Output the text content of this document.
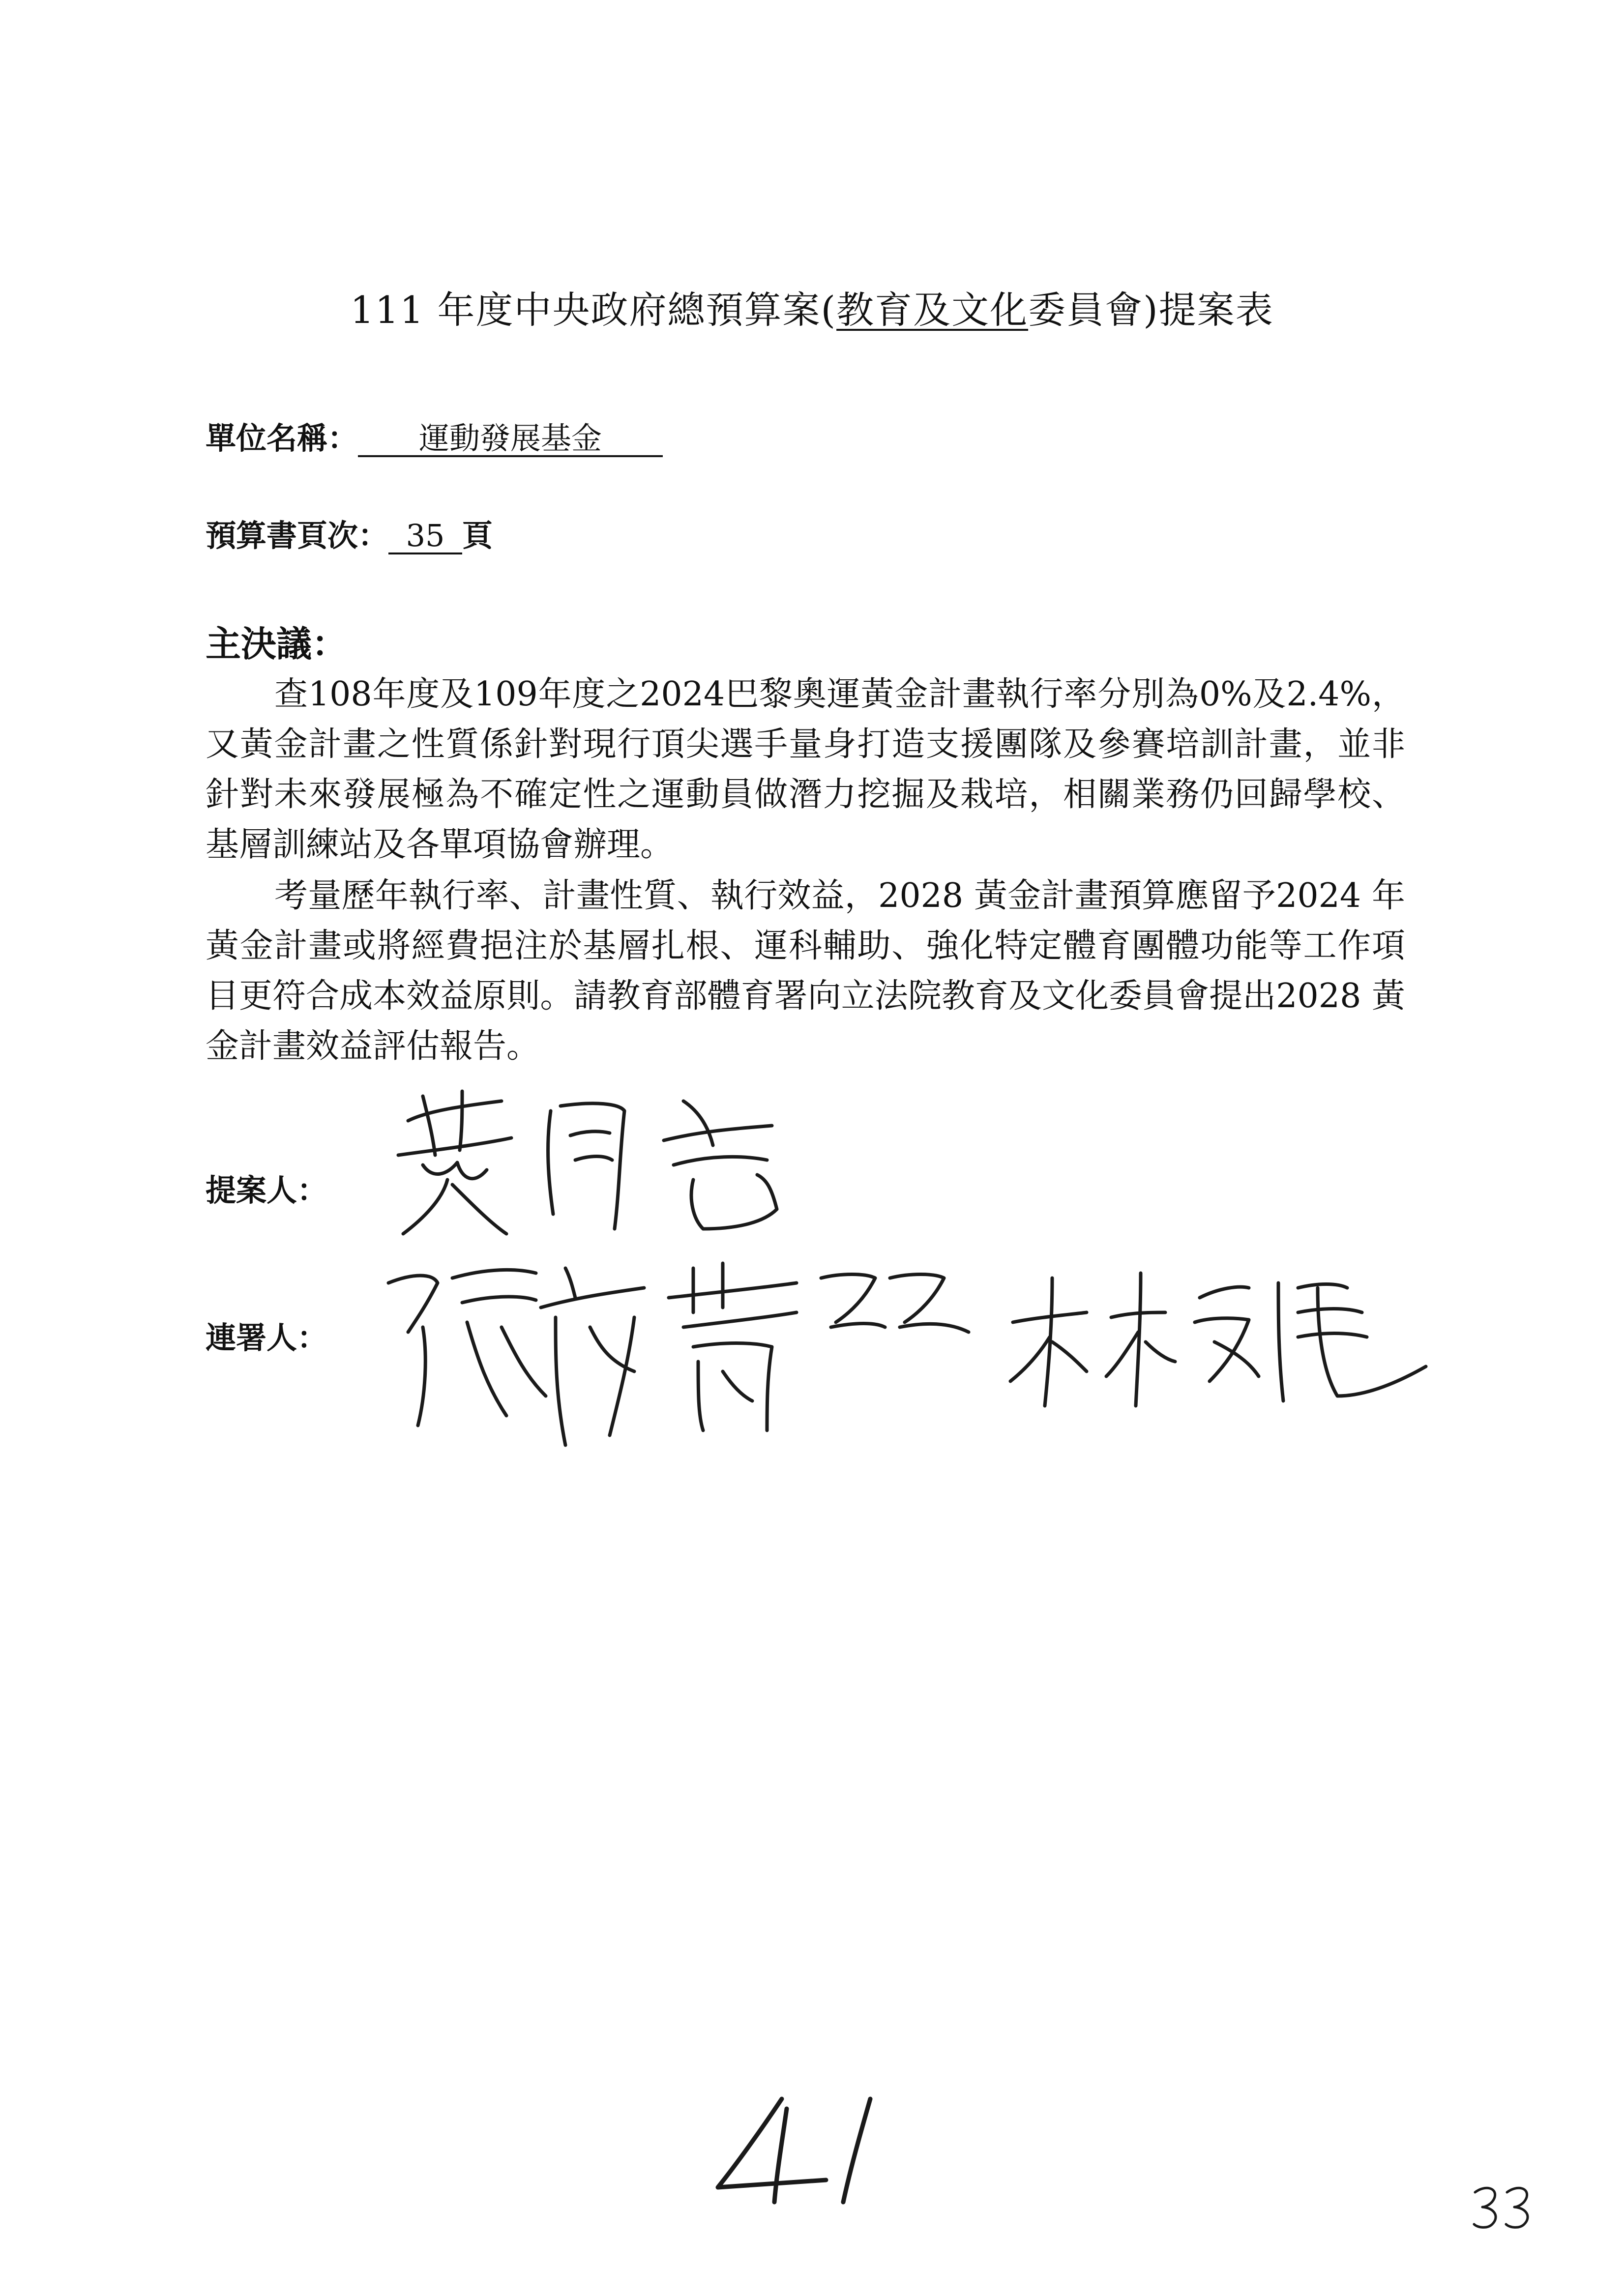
111 年度中央政府總預算案(教育及文化委員會)提案表
單位名稱： 運動發展基金
預算書頁次： 35 頁
主決議：
查108年度及109年度之2024巴黎奧運黃金計畫執行率分別為0%及2.4%，又黃金計畫之性質係針對現行頂尖選手量身打造支援團隊及參賽培訓計畫，並非針對未來發展極為不確定性之運動員做潛力挖掘及栽培，相關業務仍回歸學校、基層訓練站及各單項協會辦理。
考量歷年執行率、計畫性質、執行效益，2028 黃金計畫預算應留予2024 年黃金計畫或將經費挹注於基層扎根、運科輔助、強化特定體育團體功能等工作項目更符合成本效益原則。請教育部體育署向立法院教育及文化委員會提出2028 黃金計畫效益評估報告。
提案人：
連署人：
